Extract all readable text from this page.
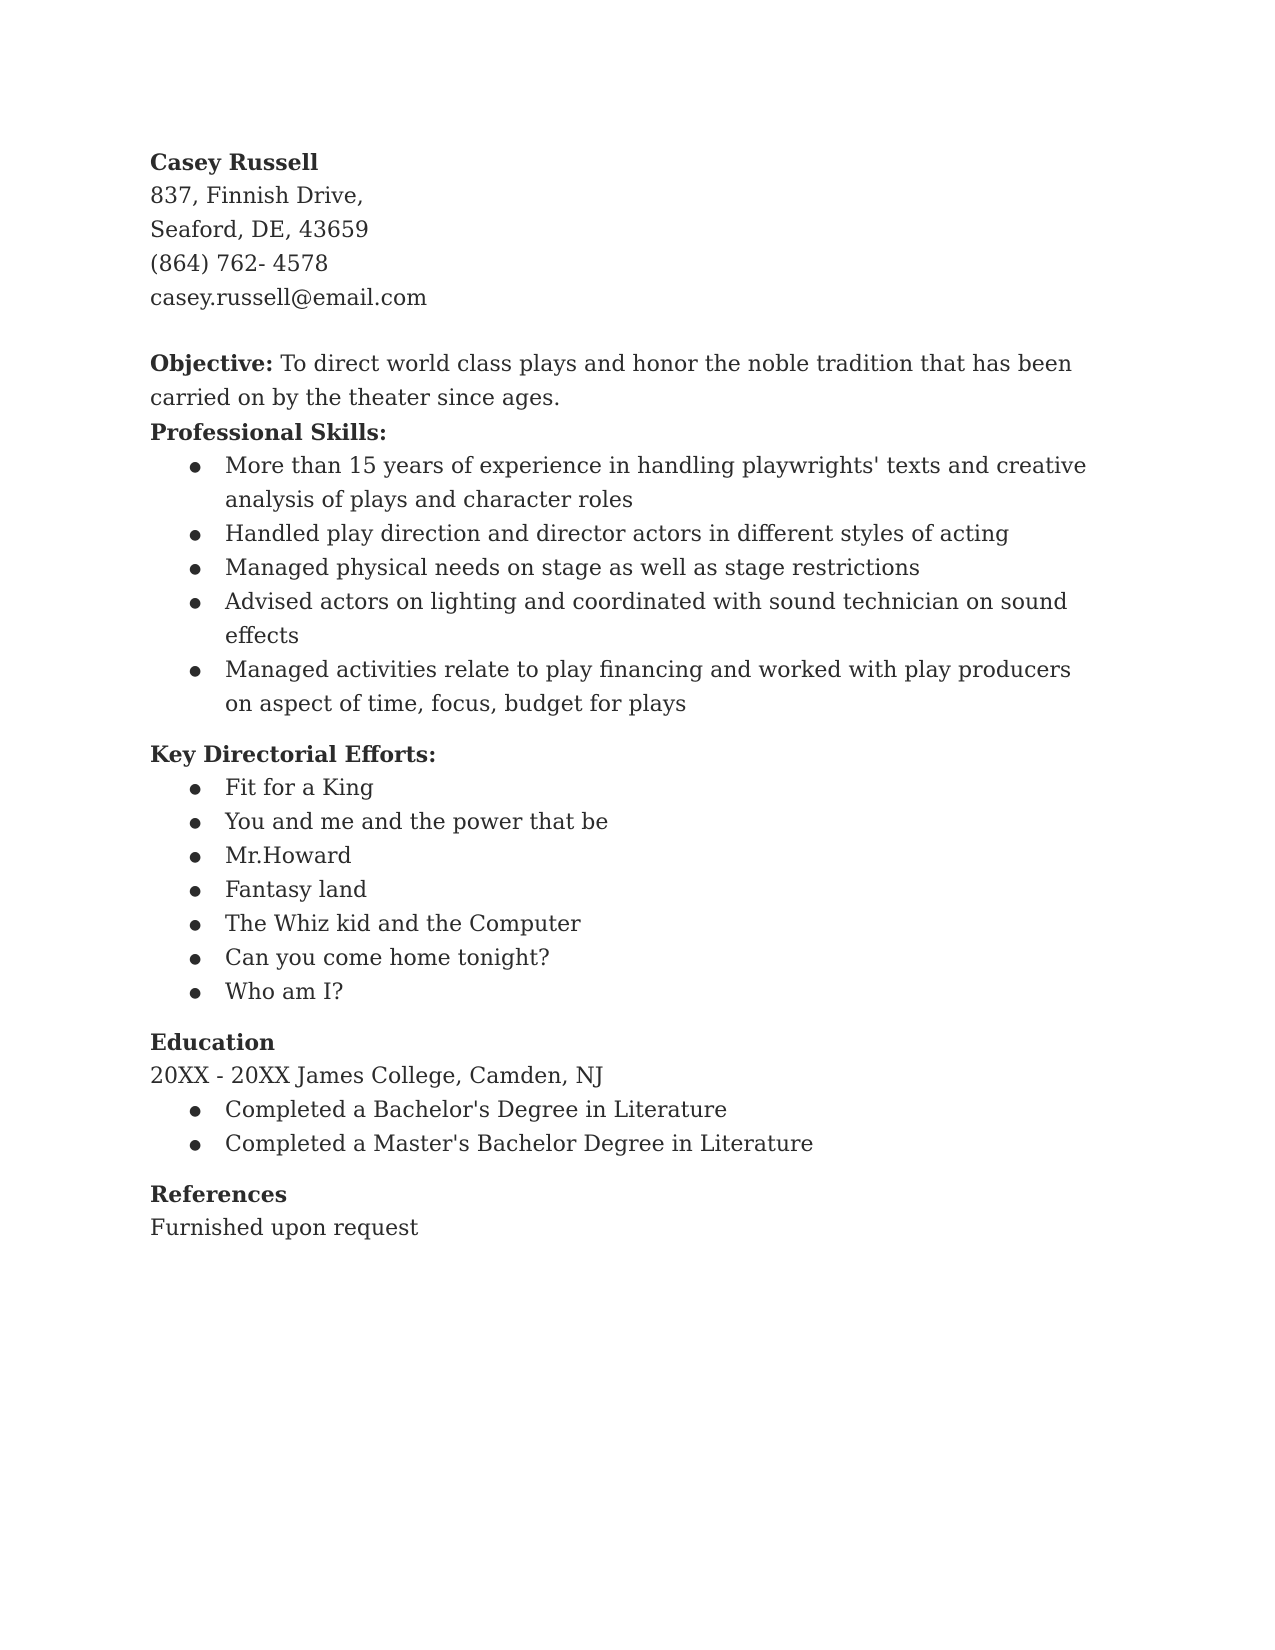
Casey Russell
837, Finnish Drive,
Seaford, DE, 43659
(864) 762- 4578
casey.russell@email.com
Objective: To direct world class plays and honor the noble tradition that has been carried on by the theater since ages.
Professional Skills:
● More than 15 years of experience in handling playwrights' texts and creative analysis of plays and character roles
● Handled play direction and director actors in different styles of acting
● Managed physical needs on stage as well as stage restrictions
● Advised actors on lighting and coordinated with sound technician on sound effects
● Managed activities relate to play financing and worked with play producers on aspect of time, focus, budget for plays
Key Directorial Efforts:
● Fit for a King
● You and me and the power that be
● Mr.Howard
● Fantasy land
● The Whiz kid and the Computer
● Can you come home tonight?
● Who am I?
Education
20XX - 20XX James College, Camden, NJ
● Completed a Bachelor's Degree in Literature
● Completed a Master's Bachelor Degree in Literature
References
Furnished upon request
